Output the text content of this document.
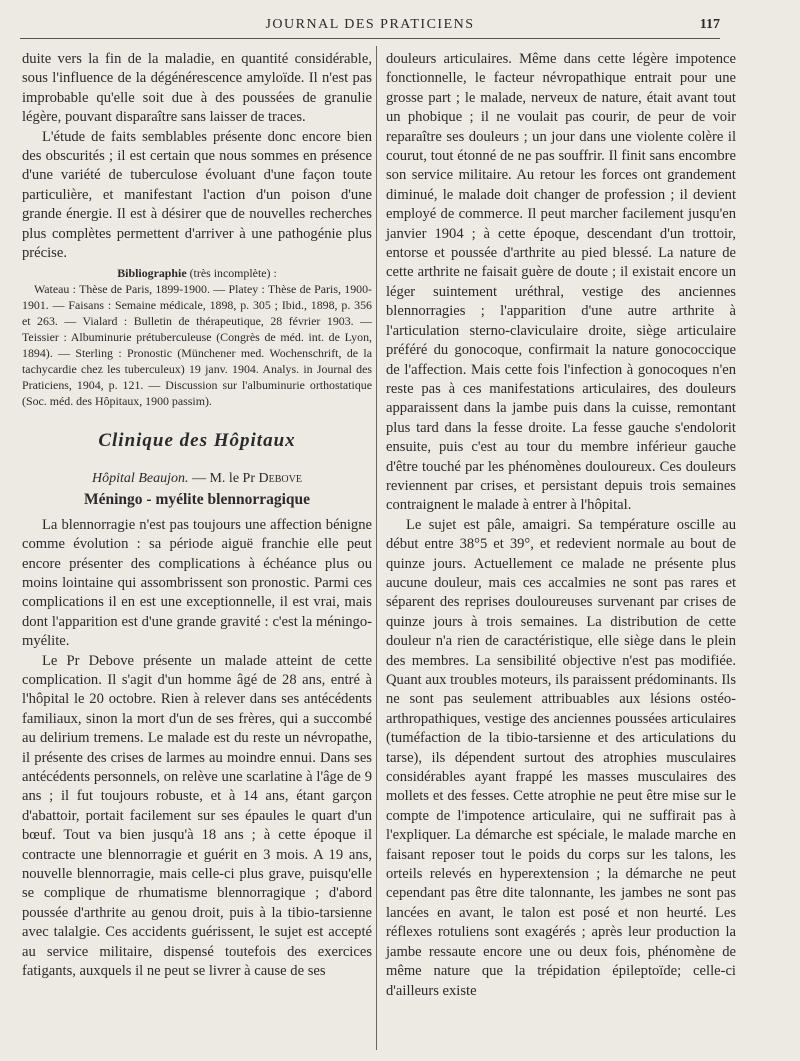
JOURNAL DES PRATICIENS	117

duite vers la fin de la maladie, en quantité considérable, sous l'influence de la dégénérescence amyloïde. Il n'est pas improbable qu'elle soit due à des poussées de granulie légère, pouvant disparaître sans laisser de traces.

L'étude de faits semblables présente donc encore bien des obscurités ; il est certain que nous sommes en présence d'une variété de tuberculose évoluant d'une façon toute particulière, et manifestant l'action d'un poison d'une grande énergie. Il est à désirer que de nouvelles recherches plus complètes permettent d'arriver à une pathogénie plus précise.

Bibliographie (très incomplète) :
Wateau : Thèse de Paris, 1899-1900. — Platey : Thèse de Paris, 1900-1901. — Faisans : Semaine médicale, 1898, p. 305 ; Ibid., 1898, p. 356 et 263. — Vialard : Bulletin de thérapeutique, 28 février 1903. — Teissier : Albuminurie prétuberculeuse (Congrès de méd. int. de Lyon, 1894). — Sterling : Pronostic (Münchener med. Wochenschrift, de la tachycardie chez les tuberculeux) 19 janv. 1904. Analys. in Journal des Praticiens, 1904, p. 121. — Discussion sur l'albuminurie orthostatique (Soc. méd. des Hôpitaux, 1900 passim).
Clinique des Hôpitaux
Hôpital Beaujon. — M. le Pr Debove
Méningo - myélite blennorragique

La blennorragie n'est pas toujours une affection bénigne comme évolution : sa période aiguë franchie elle peut encore présenter des complications à échéance plus ou moins lointaine qui assombrissent son pronostic. Parmi ces complications il en est une exceptionnelle, il est vrai, mais dont l'apparition est d'une grande gravité : c'est la méningo-myélite.

Le Pr Debove présente un malade atteint de cette complication. Il s'agit d'un homme âgé de 28 ans, entré à l'hôpital le 20 octobre. Rien à relever dans ses antécédents familiaux, sinon la mort d'un de ses frères, qui a succombé au delirium tremens. Le malade est du reste un névropathe, il présente des crises de larmes au moindre ennui. Dans ses antécédents personnels, on relève une scarlatine à l'âge de 9 ans ; il fut toujours robuste, et à 14 ans, étant garçon d'abattoir, portait facilement sur ses épaules le quart d'un bœuf. Tout va bien jusqu'à 18 ans ; à cette époque il contracte une blennorragie et guérit en 3 mois. A 19 ans, nouvelle blennorragie, mais celle-ci plus grave, puisqu'elle se complique de rhumatisme blennorragique ; d'abord poussée d'arthrite au genou droit, puis à la tibio-tarsienne avec talalgie. Ces accidents guérissent, le sujet est accepté au service militaire, dispensé toutefois des exercices fatigants, auxquels il ne peut se livrer à cause de ses

douleurs articulaires. Même dans cette légère impotence fonctionnelle, le facteur névropathique entrait pour une grosse part ; le malade, nerveux de nature, était avant tout un phobique ; il ne voulait pas courir, de peur de voir reparaître ses douleurs ; un jour dans une violente colère il courut, tout étonné de ne pas souffrir. Il finit sans encombre son service militaire. Au retour les forces ont grandement diminué, le malade doit changer de profession ; il devient employé de commerce. Il peut marcher facilement jusqu'en janvier 1904 ; à cette époque, descendant d'un trottoir, entorse et poussée d'arthrite au pied blessé. La nature de cette arthrite ne faisait guère de doute ; il existait encore un léger suintement uréthral, vestige des anciennes blennorragies ; l'apparition d'une autre arthrite à l'articulation sterno-claviculaire droite, siège articulaire préféré du gonocoque, confirmait la nature gonococcique de l'affection. Mais cette fois l'infection à gonocoques n'en reste pas à ces manifestations articulaires, des douleurs apparaissent dans la jambe puis dans la cuisse, remontant plus tard dans la fesse droite. La fesse gauche s'endolorit ensuite, puis c'est au tour du membre inférieur gauche d'être touché par les phénomènes douloureux. Ces douleurs reviennent par crises, et persistant depuis trois semaines contraignent le malade à entrer à l'hôpital.

Le sujet est pâle, amaigri. Sa température oscille au début entre 38°5 et 39°, et redevient normale au bout de quinze jours. Actuellement ce malade ne présente plus aucune douleur, mais ces accalmies ne sont pas rares et séparent des reprises douloureuses survenant par crises de quinze jours à trois semaines. La distribution de cette douleur n'a rien de caractéristique, elle siège dans le plein des membres. La sensibilité objective n'est pas modifiée. Quant aux troubles moteurs, ils paraissent prédominants. Ils ne sont pas seulement attribuables aux lésions ostéo-arthropathiques, vestige des anciennes poussées articulaires (tuméfaction de la tibio-tarsienne et des articulations du tarse), ils dépendent surtout des atrophies musculaires considérables ayant frappé les masses musculaires des mollets et des fesses. Cette atrophie ne peut être mise sur le compte de l'impotence articulaire, qui ne suffirait pas à l'expliquer. La démarche est spéciale, le malade marche en faisant reposer tout le poids du corps sur les talons, les orteils relevés en hyperextension ; la démarche ne peut cependant pas être dite talonnante, les jambes ne sont pas lancées en avant, le talon est posé et non heurté. Les réflexes rotuliens sont exagérés ; après leur production la jambe ressaute encore une ou deux fois, phénomène de même nature que la trépidation épileptoïde; celle-ci d'ailleurs existe
